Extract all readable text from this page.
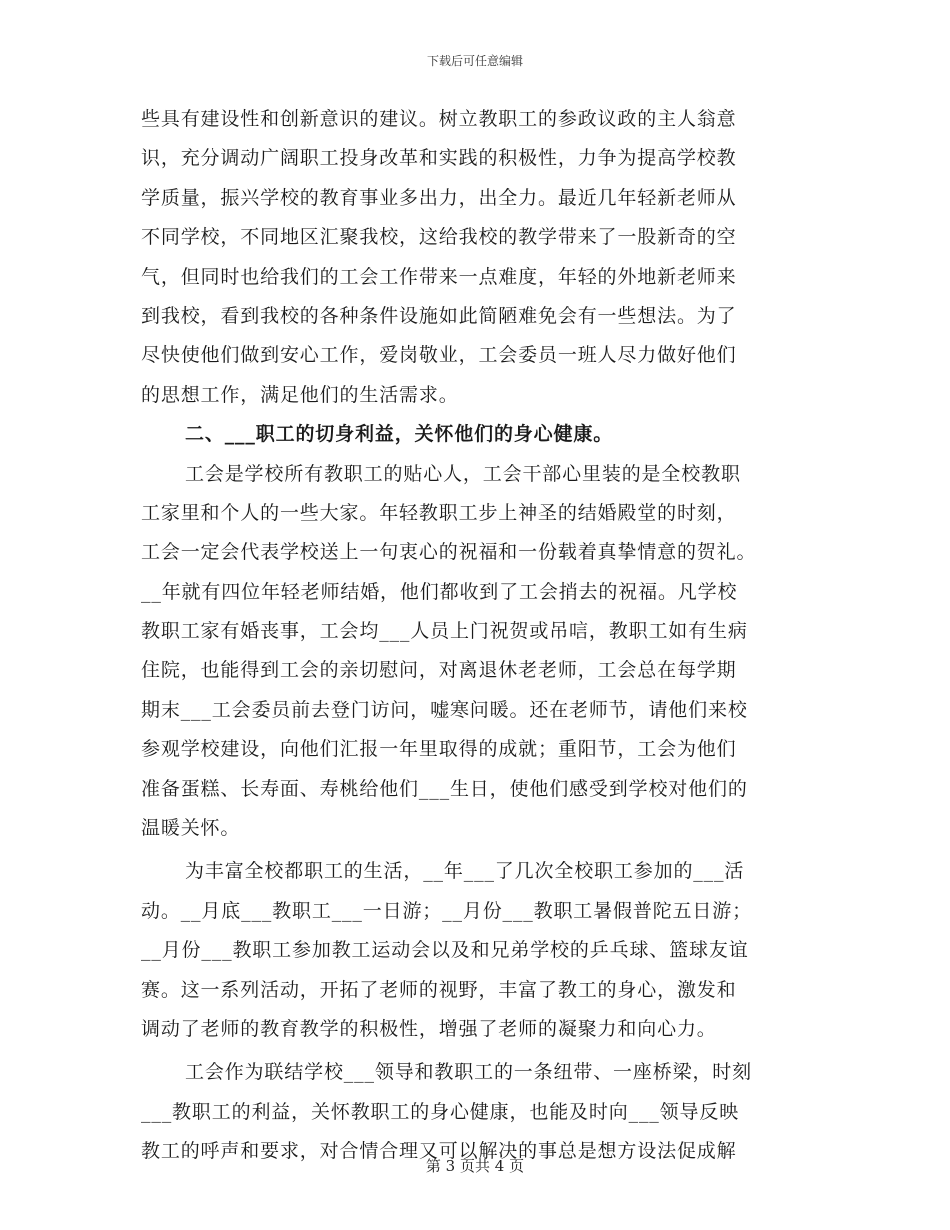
下载后可任意编辑
些具有建设性和创新意识的建议。树立教职工的参政议政的主人翁意
识，充分调动广阔职工投身改革和实践的积极性，力争为提高学校教
学质量，振兴学校的教育事业多出力，出全力。最近几年轻新老师从
不同学校，不同地区汇聚我校，这给我校的教学带来了一股新奇的空
气，但同时也给我们的工会工作带来一点难度，年轻的外地新老师来
到我校，看到我校的各种条件设施如此简陋难免会有一些想法。为了
尽快使他们做到安心工作，爱岗敬业，工会委员一班人尽力做好他们
的思想工作，满足他们的生活需求。
二、___职工的切身利益，关怀他们的身心健康。
工会是学校所有教职工的贴心人，工会干部心里装的是全校教职
工家里和个人的一些大家。年轻教职工步上神圣的结婚殿堂的时刻，
工会一定会代表学校送上一句衷心的祝福和一份载着真挚情意的贺礼。
__年就有四位年轻老师结婚，他们都收到了工会捎去的祝福。凡学校
教职工家有婚丧事，工会均___人员上门祝贺或吊唁，教职工如有生病
住院，也能得到工会的亲切慰问，对离退休老老师，工会总在每学期
期末___工会委员前去登门访问，嘘寒问暖。还在老师节，请他们来校
参观学校建设，向他们汇报一年里取得的成就；重阳节，工会为他们
准备蛋糕、长寿面、寿桃给他们___生日，使他们感受到学校对他们的
温暖关怀。
为丰富全校都职工的生活，__年___了几次全校职工参加的___活
动。__月底___教职工___一日游；__月份___教职工暑假普陀五日游；
__月份___教职工参加教工运动会以及和兄弟学校的乒乓球、篮球友谊
赛。这一系列活动，开拓了老师的视野，丰富了教工的身心，激发和
调动了老师的教育教学的积极性，增强了老师的凝聚力和向心力。
工会作为联结学校___领导和教职工的一条纽带、一座桥梁，时刻
___教职工的利益，关怀教职工的身心健康，也能及时向___领导反映
教工的呼声和要求，对合情合理又可以解决的事总是想方设法促成解
第 3 页共 4 页
